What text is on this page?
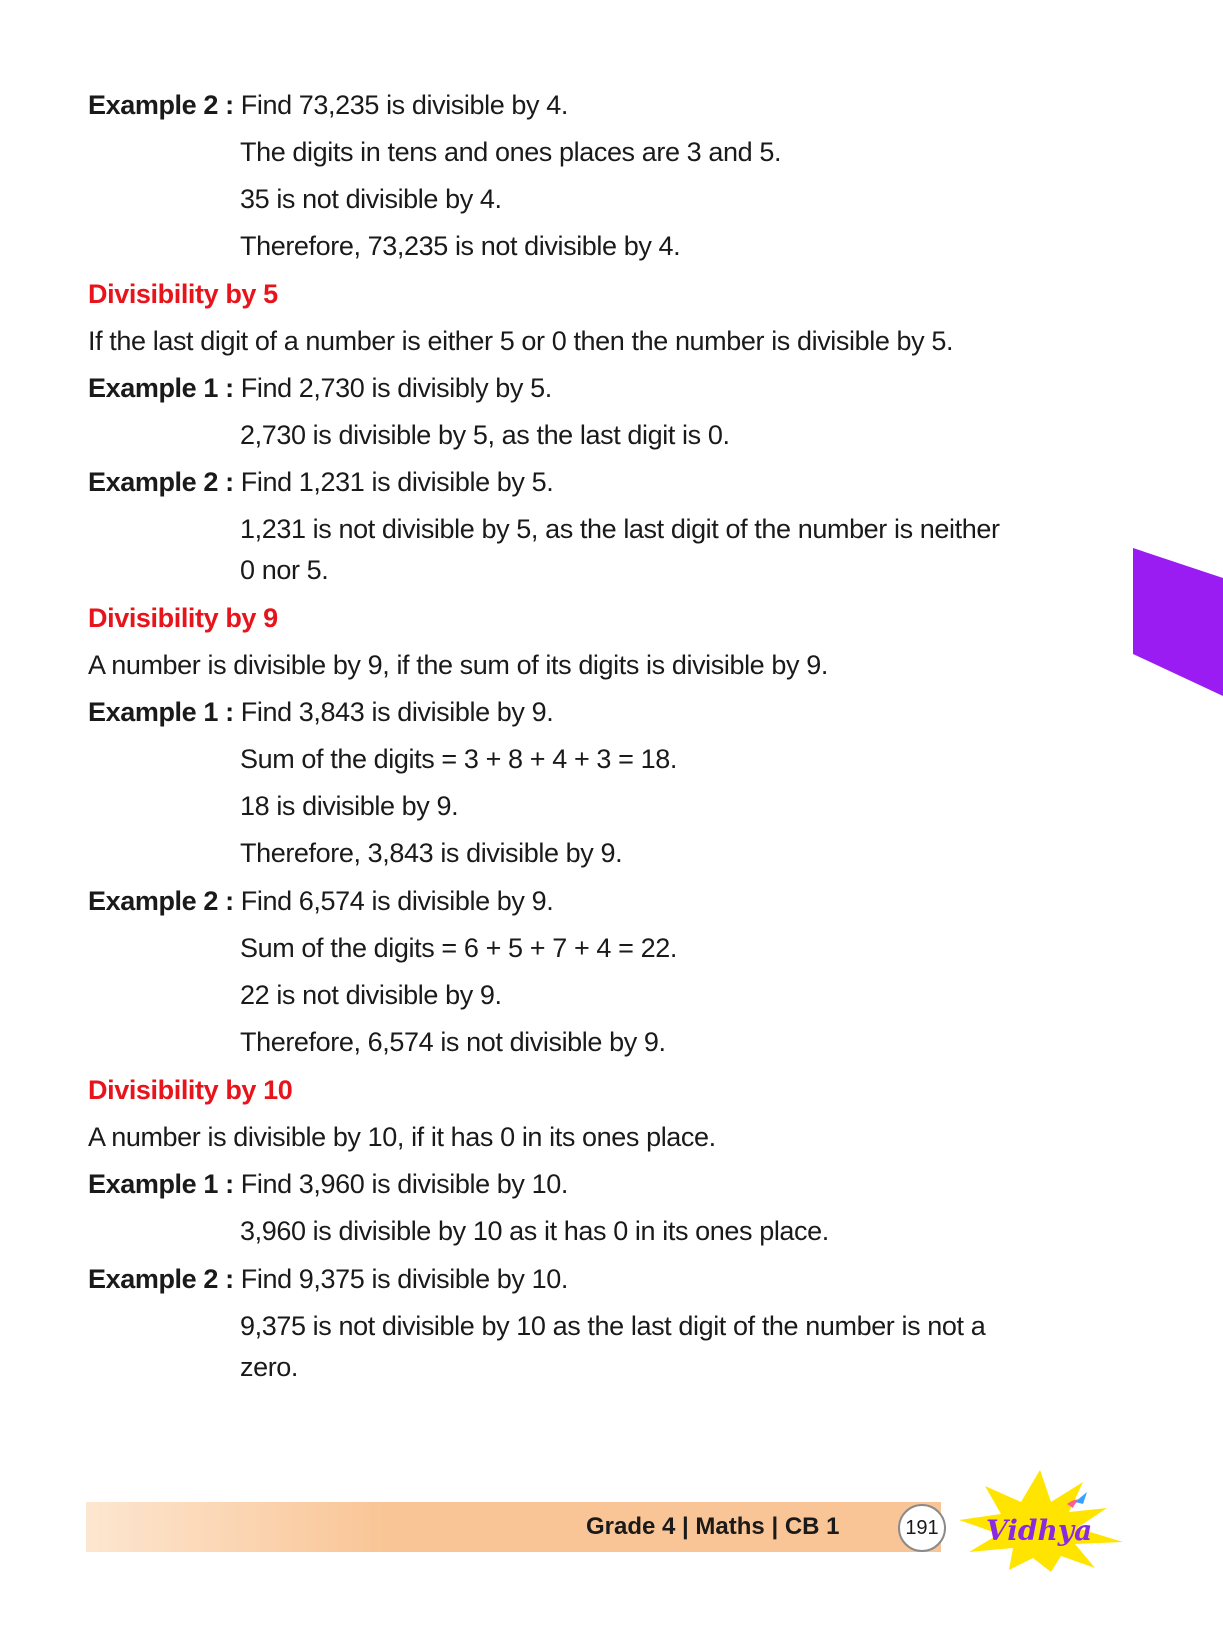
Example 2 : Find 73,235 is divisible by 4.
The digits in tens and ones places are 3 and 5.
35 is not divisible by 4.
Therefore, 73,235 is not divisible by 4.
Divisibility by 5
If the last digit of a number is either 5 or 0 then the number is divisible by 5.
Example 1 : Find 2,730 is divisibly by 5.
2,730 is divisible by 5, as the last digit is 0.
Example 2 : Find 1,231 is divisible by 5.
1,231 is not divisible by 5, as the last digit of the number is neither
0 nor 5.
Divisibility by 9
A number is divisible by 9, if the sum of its digits is divisible by 9.
Example 1 : Find 3,843 is divisible by 9.
Sum of the digits = 3 + 8 + 4 + 3 = 18.
18 is divisible by 9.
Therefore, 3,843 is divisible by 9.
Example 2 : Find 6,574 is divisible by 9.
Sum of the digits = 6 + 5 + 7 + 4 = 22.
22 is not divisible by 9.
Therefore, 6,574 is not divisible by 9.
Divisibility by 10
A number is divisible by 10, if it has 0 in its ones place.
Example 1 : Find 3,960 is divisible by 10.
3,960 is divisible by 10 as it has 0 in its ones place.
Example 2 : Find 9,375 is divisible by 10.
9,375 is not divisible by 10 as the last digit of the number is not a
zero.
Grade 4 | Maths | CB 1	191 Vidhya
